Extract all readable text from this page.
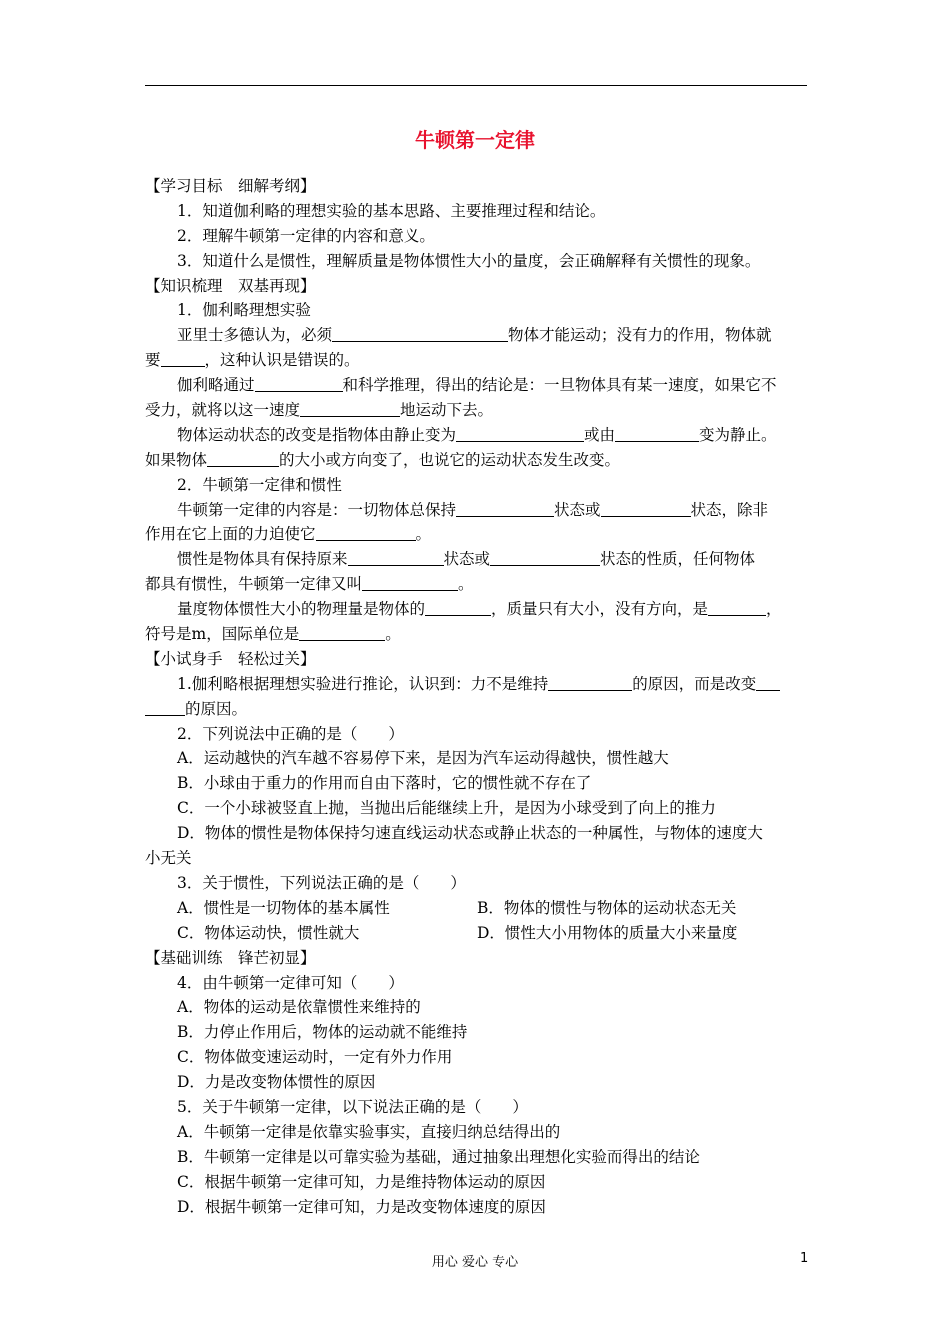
牛顿第一定律
【学习目标　细解考纲】
1．知道伽利略的理想实验的基本思路、主要推理过程和结论。
2．理解牛顿第一定律的内容和意义。
3．知道什么是惯性，理解质量是物体惯性大小的量度，会正确解释有关惯性的现象。
【知识梳理　双基再现】
1．伽利略理想实验
亚里士多德认为，必须	物体才能运动；没有力的作用，物体就
要	，这种认识是错误的。
伽利略通过	和科学推理，得出的结论是：一旦物体具有某一速度，如果它不
受力，就将以这一速度	地运动下去。
物体运动状态的改变是指物体由静止变为	或由	变为静止。
如果物体	的大小或方向变了，也说它的运动状态发生改变。
2．牛顿第一定律和惯性
牛顿第一定律的内容是：一切物体总保持	状态或	状态，除非
作用在它上面的力迫使它	。
惯性是物体具有保持原来	状态或	状态的性质，任何物体
都具有惯性，牛顿第一定律又叫	。
量度物体惯性大小的物理量是物体的	，质量只有大小，没有方向，是	，
符号是m，国际单位是	。
【小试身手　轻松过关】
1.伽利略根据理想实验进行推论，认识到：力不是维持	的原因，而是改变
的原因。
2．下列说法中正确的是（　　）
A．运动越快的汽车越不容易停下来，是因为汽车运动得越快，惯性越大
B．小球由于重力的作用而自由下落时，它的惯性就不存在了
C．一个小球被竖直上抛，当抛出后能继续上升，是因为小球受到了向上的推力
D．物体的惯性是物体保持匀速直线运动状态或静止状态的一种属性，与物体的速度大
小无关
3．关于惯性，下列说法正确的是（　　）
A．惯性是一切物体的基本属性	B．物体的惯性与物体的运动状态无关
C．物体运动快，惯性就大	D．惯性大小用物体的质量大小来量度
【基础训练　锋芒初显】
4．由牛顿第一定律可知（　　）
A．物体的运动是依靠惯性来维持的
B．力停止作用后，物体的运动就不能维持
C．物体做变速运动时，一定有外力作用
D．力是改变物体惯性的原因
5．关于牛顿第一定律，以下说法正确的是（　　）
A．牛顿第一定律是依靠实验事实，直接归纳总结得出的
B．牛顿第一定律是以可靠实验为基础，通过抽象出理想化实验而得出的结论
C．根据牛顿第一定律可知，力是维持物体运动的原因
D．根据牛顿第一定律可知，力是改变物体速度的原因
用心 爱心 专心	1
